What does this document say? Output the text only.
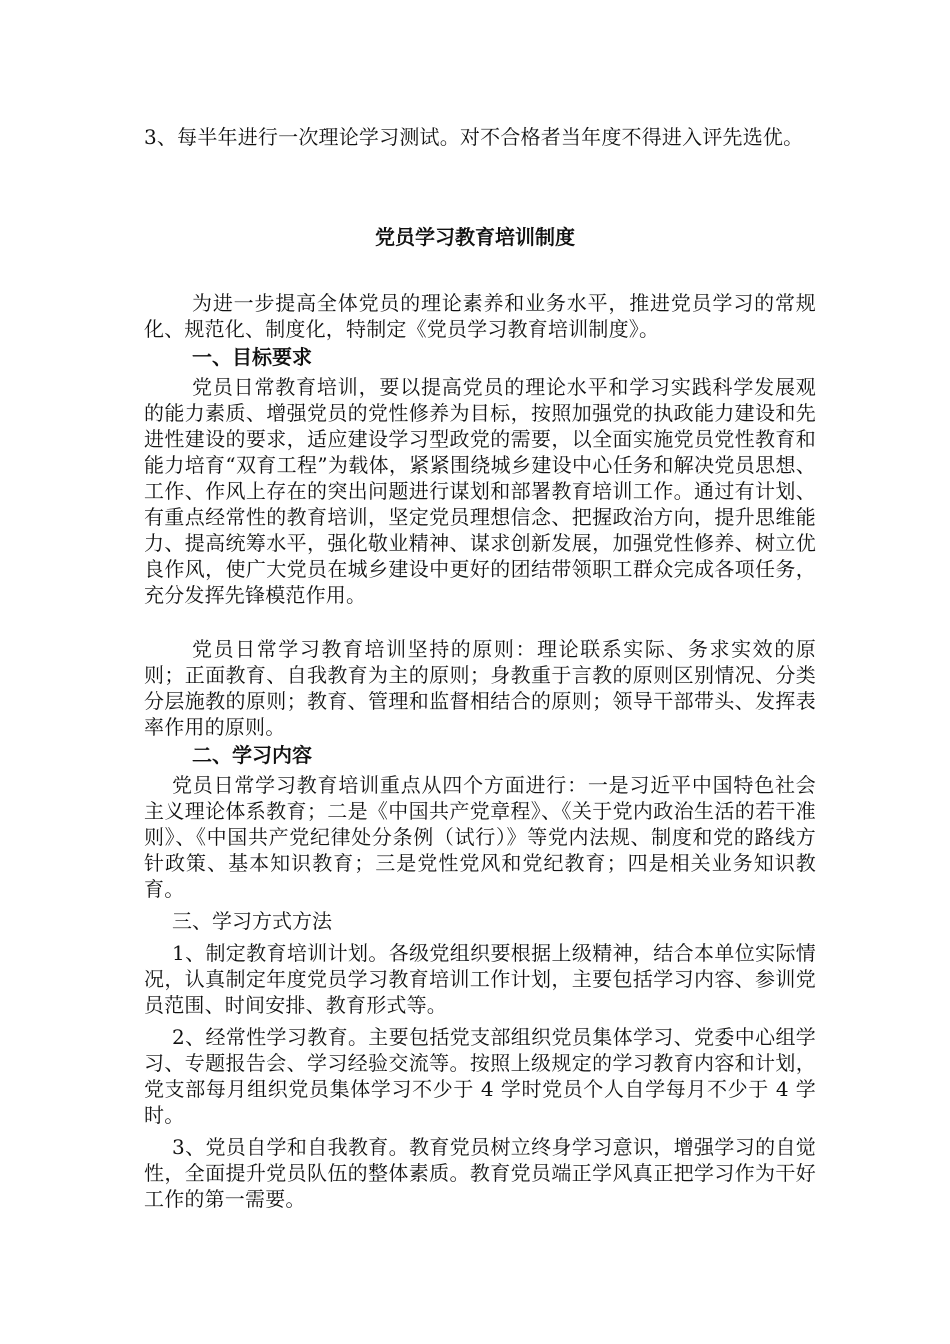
3、每半年进行一次理论学习测试。对不合格者当年度不得进入评先选优。

党员学习教育培训制度

为进一步提高全体党员的理论素养和业务水平，推进党员学习的常规化、规范化、制度化，特制定《党员学习教育培训制度》。

一、目标要求

党员日常教育培训，要以提高党员的理论水平和学习实践科学发展观的能力素质、增强党员的党性修养为目标，按照加强党的执政能力建设和先进性建设的要求，适应建设学习型政党的需要，以全面实施党员党性教育和能力培育“双育工程”为载体，紧紧围绕城乡建设中心任务和解决党员思想、工作、作风上存在的突出问题进行谋划和部署教育培训工作。通过有计划、有重点经常性的教育培训，坚定党员理想信念、把握政治方向，提升思维能力、提高统筹水平，强化敬业精神、谋求创新发展，加强党性修养、树立优良作风，使广大党员在城乡建设中更好的团结带领职工群众完成各项任务，充分发挥先锋模范作用。

党员日常学习教育培训坚持的原则：理论联系实际、务求实效的原则；正面教育、自我教育为主的原则；身教重于言教的原则区别情况、分类分层施教的原则；教育、管理和监督相结合的原则；领导干部带头、发挥表率作用的原则。

二、学习内容

党员日常学习教育培训重点从四个方面进行：一是习近平中国特色社会主义理论体系教育；二是《中国共产党章程》、《关于党内政治生活的若干准则》、《中国共产党纪律处分条例（试行）》等党内法规、制度和党的路线方针政策、基本知识教育；三是党性党风和党纪教育；四是相关业务知识教育。

三、学习方式方法

1、制定教育培训计划。各级党组织要根据上级精神，结合本单位实际情况，认真制定年度党员学习教育培训工作计划，主要包括学习内容、参训党员范围、时间安排、教育形式等。

2、经常性学习教育。主要包括党支部组织党员集体学习、党委中心组学习、专题报告会、学习经验交流等。按照上级规定的学习教育内容和计划，党支部每月组织党员集体学习不少于 4 学时党员个人自学每月不少于 4 学时。

3、党员自学和自我教育。教育党员树立终身学习意识，增强学习的自觉性，全面提升党员队伍的整体素质。教育党员端正学风真正把学习作为干好工作的第一需要。
